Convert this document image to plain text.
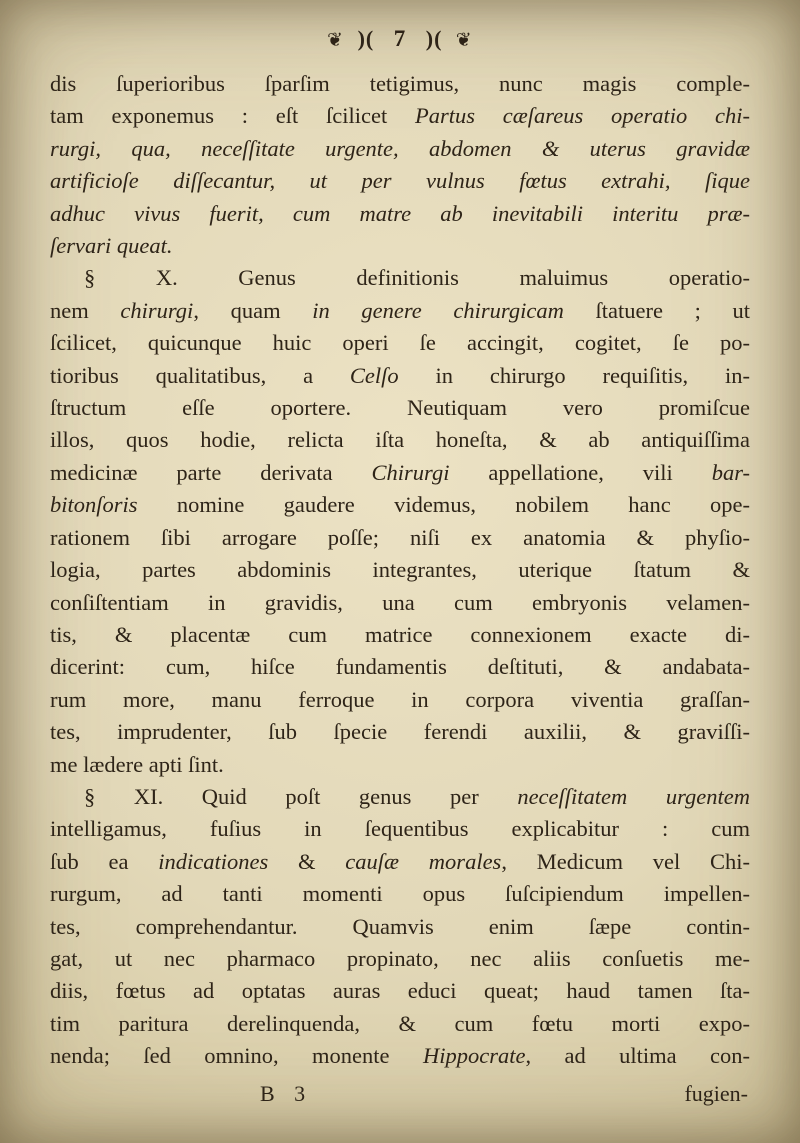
❦ )( 7 )( ❦
dis ſuperioribus ſparſim tetigimus, nunc magis comple-
tam exponemus : eſt ſcilicet Partus cæſareus operatio chi-
rurgi, qua, neceſſitate urgente, abdomen & uterus gravidæ
artificioſe diſſecantur, ut per vulnus fœtus extrahi, ſique
adhuc vivus fuerit, cum matre ab inevitabili interitu præ-
ſervari queat.
§ X. Genus definitionis maluimus operatio-
nem chirurgi, quam in genere chirurgicam ſtatuere ; ut
ſcilicet, quicunque huic operi ſe accingit, cogitet, ſe po-
tioribus qualitatibus, a Celſo in chirurgo requiſitis, in-
ſtructum eſſe oportere. Neutiquam vero promiſcue
illos, quos hodie, relicta iſta honeſta, & ab antiquiſſima
medicinæ parte derivata Chirurgi appellatione, vili bar-
bitonſoris nomine gaudere videmus, nobilem hanc ope-
rationem ſibi arrogare poſſe; niſi ex anatomia & phyſio-
logia, partes abdominis integrantes, uterique ſtatum &
conſiſtentiam in gravidis, una cum embryonis velamen-
tis, & placentæ cum matrice connexionem exacte di-
dicerint: cum, hiſce fundamentis deſtituti, & andabata-
rum more, manu ferroque in corpora viventia graſſan-
tes, imprudenter, ſub ſpecie ferendi auxilii, & graviſſi-
me lædere apti ſint.
§ XI. Quid poſt genus per neceſſitatem urgentem
intelligamus, fuſius in ſequentibus explicabitur : cum
ſub ea indicationes & cauſæ morales, Medicum vel Chi-
rurgum, ad tanti momenti opus ſuſcipiendum impellen-
tes, comprehendantur. Quamvis enim ſæpe contin-
gat, ut nec pharmaco propinato, nec aliis conſuetis me-
diis, fœtus ad optatas auras educi queat; haud tamen ſta-
tim paritura derelinquenda, & cum fœtu morti expo-
nenda; ſed omnino, monente Hippocrate, ad ultima con-
B 3	fugien-
